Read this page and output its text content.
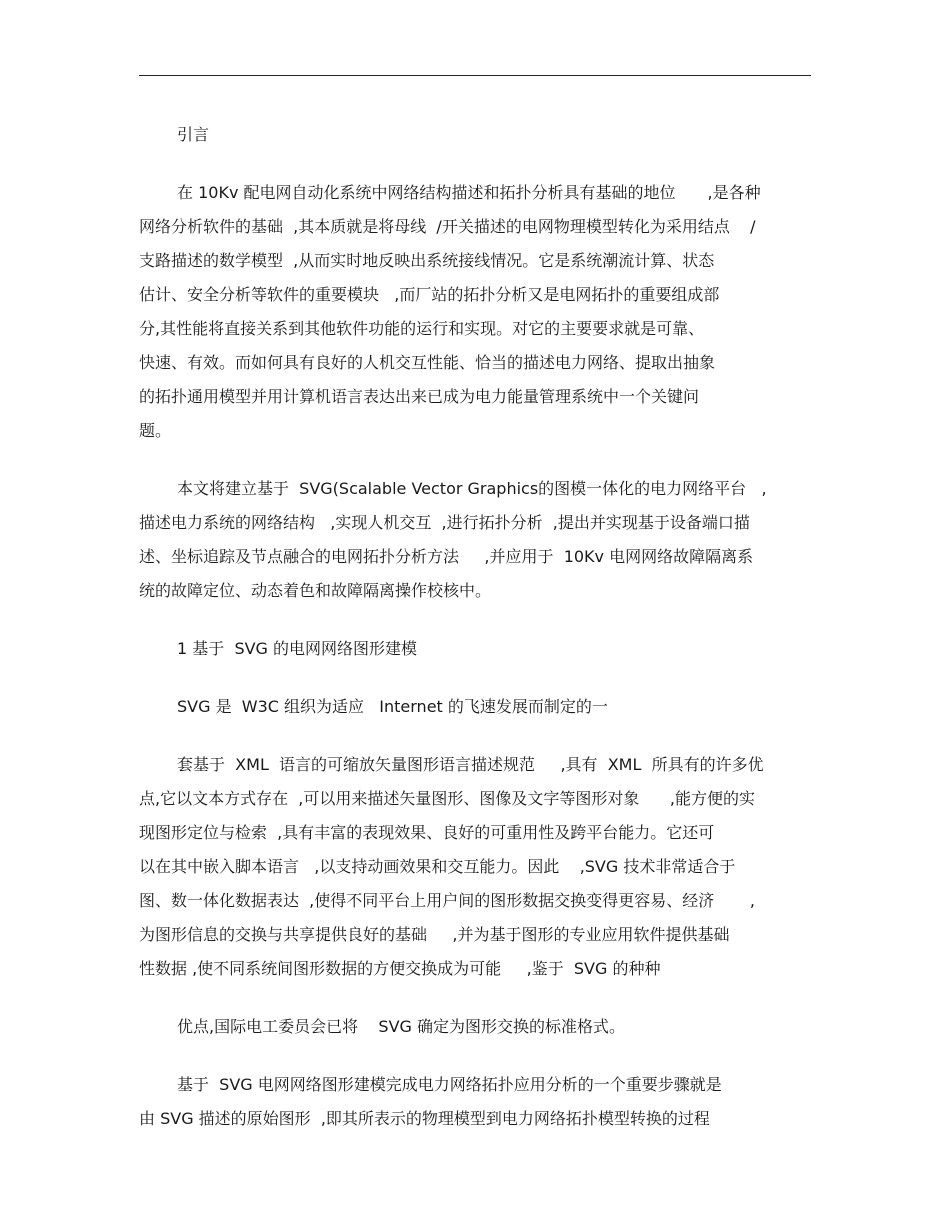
引言
在 10Kv 配电网自动化系统中网络结构描述和拓扑分析具有基础的地位　　,是各种
网络分析软件的基础  ,其本质就是将母线  /开关描述的电网物理模型转化为采用结点    /
支路描述的数学模型  ,从而实时地反映出系统接线情况。它是系统潮流计算、状态
估计、安全分析等软件的重要模块   ,而厂站的拓扑分析又是电网拓扑的重要组成部
分,其性能将直接关系到其他软件功能的运行和实现。对它的主要要求就是可靠、
快速、有效。而如何具有良好的人机交互性能、恰当的描述电力网络、提取出抽象
的拓扑通用模型并用计算机语言表达出来已成为电力能量管理系统中一个关键问
题。
本文将建立基于  SVG(Scalable Vector Graphics的图模一体化的电力网络平台   ,
描述电力系统的网络结构   ,实现人机交互  ,进行拓扑分析  ,提出并实现基于设备端口描
述、坐标追踪及节点融合的电网拓扑分析方法     ,并应用于  10Kv 电网网络故障隔离系
统的故障定位、动态着色和故障隔离操作校核中。
1 基于  SVG 的电网网络图形建模
SVG 是  W3C 组织为适应   Internet 的飞速发展而制定的一
套基于  XML  语言的可缩放矢量图形语言描述规范     ,具有  XML  所具有的许多优
点,它以文本方式存在  ,可以用来描述矢量图形、图像及文字等图形对象      ,能方便的实
现图形定位与检索  ,具有丰富的表现效果、良好的可重用性及跨平台能力。它还可
以在其中嵌入脚本语言   ,以支持动画效果和交互能力。因此    ,SVG 技术非常适合于
图、数一体化数据表达  ,使得不同平台上用户间的图形数据交换变得更容易、经济       ,
为图形信息的交换与共享提供良好的基础     ,并为基于图形的专业应用软件提供基础
性数据 ,使不同系统间图形数据的方便交换成为可能     ,鉴于  SVG 的种种
优点,国际电工委员会已将    SVG 确定为图形交换的标准格式。
基于  SVG 电网网络图形建模完成电力网络拓扑应用分析的一个重要步骤就是
由 SVG 描述的原始图形  ,即其所表示的物理模型到电力网络拓扑模型转换的过程
